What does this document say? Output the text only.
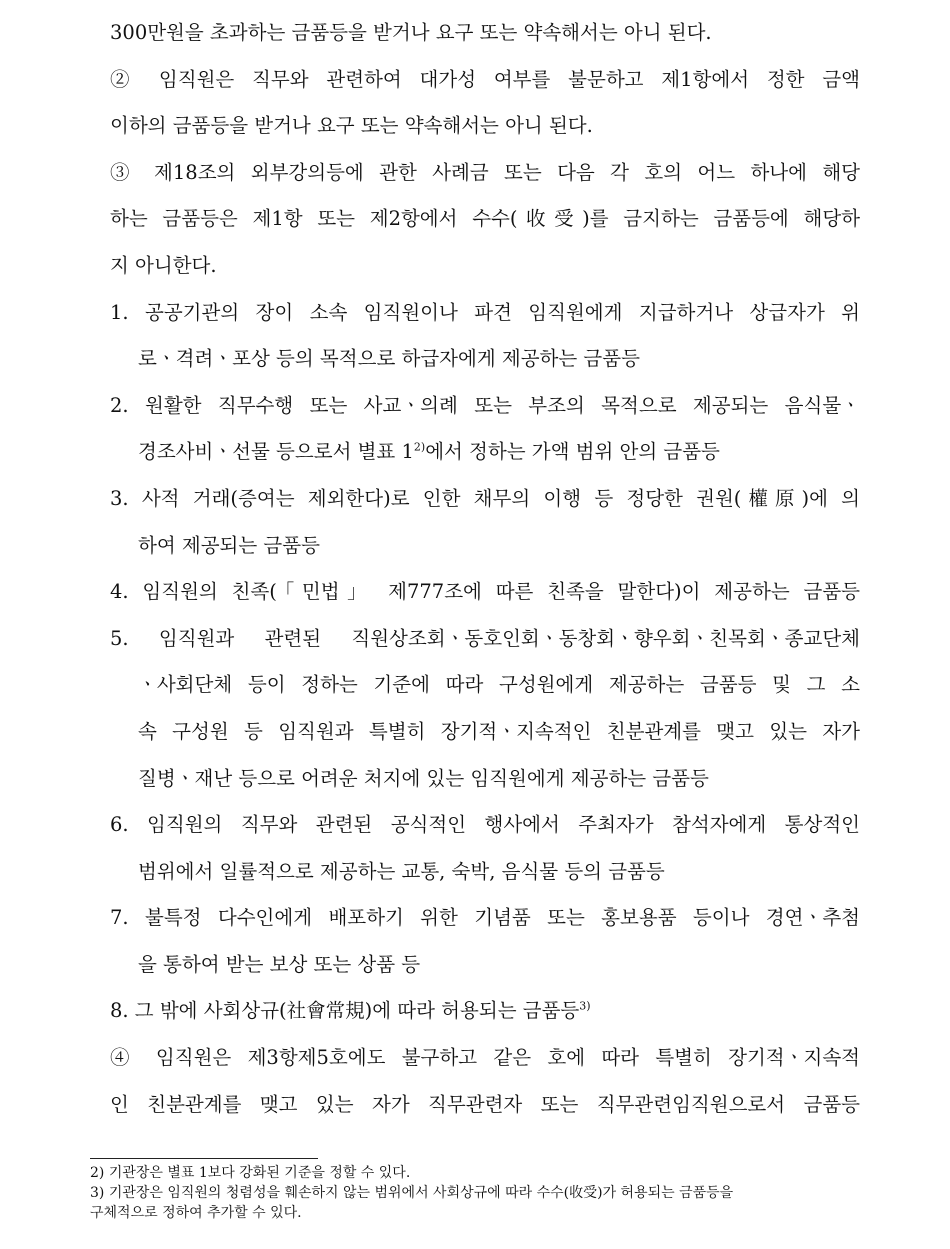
300만원을 초과하는 금품등을 받거나 요구 또는 약속해서는 아니 된다.
② 임직원은 직무와 관련하여 대가성 여부를 불문하고 제1항에서 정한 금액
이하의 금품등을 받거나 요구 또는 약속해서는 아니 된다.
③ 제18조의 외부강의등에 관한 사례금 또는 다음 각 호의 어느 하나에 해당
하는 금품등은 제1항 또는 제2항에서 수수(收受)를 금지하는 금품등에 해당하
지 아니한다.
1. 공공기관의 장이 소속 임직원이나 파견 임직원에게 지급하거나 상급자가 위
로ㆍ격려ㆍ포상 등의 목적으로 하급자에게 제공하는 금품등
2. 원활한 직무수행 또는 사교ㆍ의례 또는 부조의 목적으로 제공되는 음식물ㆍ
경조사비ㆍ선물 등으로서 별표 1$^{2)}$에서 정하는 가액 범위 안의 금품등
3. 사적 거래(증여는 제외한다)로 인한 채무의 이행 등 정당한 권원(權原)에 의
하여 제공되는 금품등
4. 임직원의 친족(「민법」 제777조에 따른 친족을 말한다)이 제공하는 금품등
5. 임직원과 관련된 직원상조회ㆍ동호인회ㆍ동창회ㆍ향우회ㆍ친목회ㆍ종교단체
ㆍ사회단체 등이 정하는 기준에 따라 구성원에게 제공하는 금품등 및 그 소
속 구성원 등 임직원과 특별히 장기적ㆍ지속적인 친분관계를 맺고 있는 자가
질병ㆍ재난 등으로 어려운 처지에 있는 임직원에게 제공하는 금품등
6. 임직원의 직무와 관련된 공식적인 행사에서 주최자가 참석자에게 통상적인
범위에서 일률적으로 제공하는 교통, 숙박, 음식물 등의 금품등
7. 불특정 다수인에게 배포하기 위한 기념품 또는 홍보용품 등이나 경연ㆍ추첨
을 통하여 받는 보상 또는 상품 등
8. 그 밖에 사회상규(社會常規)에 따라 허용되는 금품등$^{3)}$
④ 임직원은 제3항제5호에도 불구하고 같은 호에 따라 특별히 장기적ㆍ지속적
인 친분관계를 맺고 있는 자가 직무관련자 또는 직무관련임직원으로서 금품등
2) 기관장은 별표 1보다 강화된 기준을 정할 수 있다.
3) 기관장은 임직원의 청렴성을 훼손하지 않는 범위에서 사회상규에 따라 수수(收受)가 허용되는 금품등을
구체적으로 정하여 추가할 수 있다.
